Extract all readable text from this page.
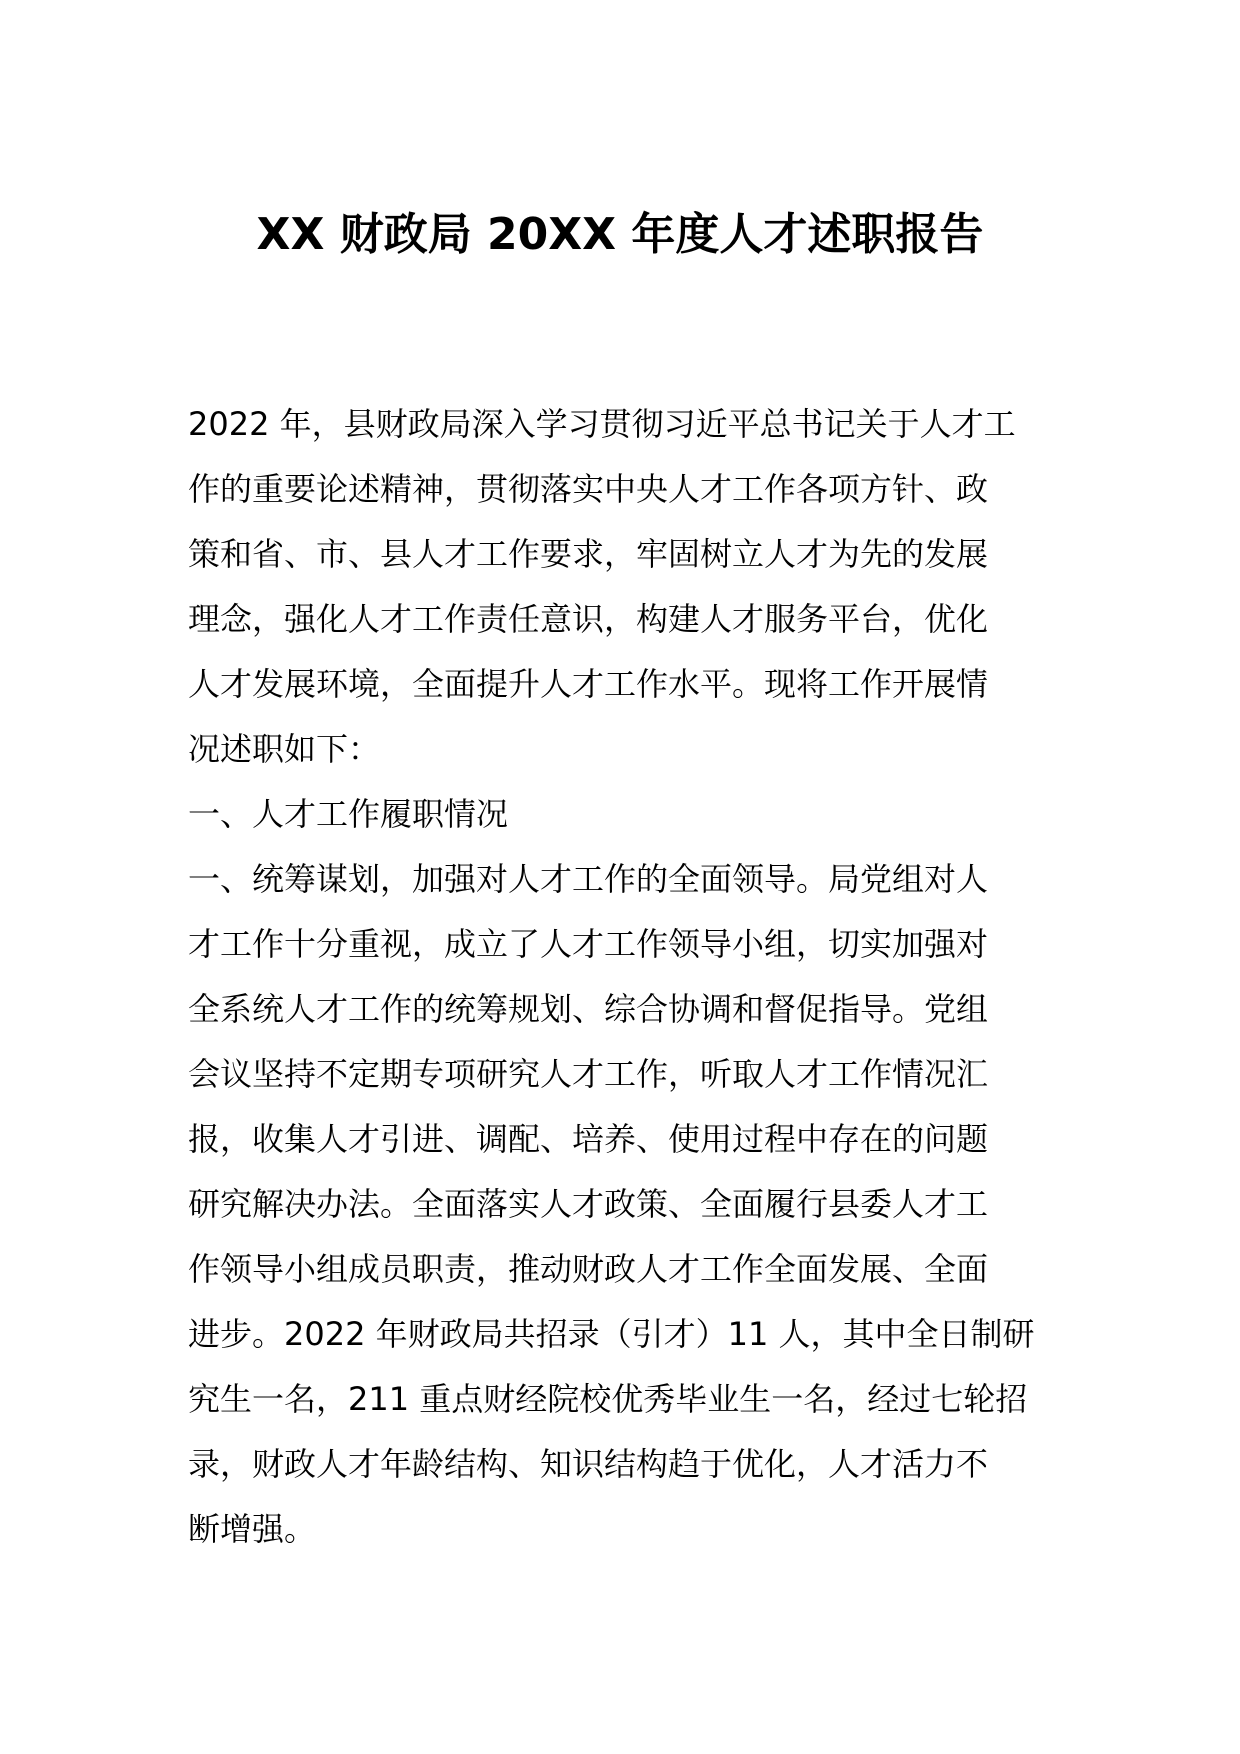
XX 财政局 20XX 年度人才述职报告
2022 年，县财政局深入学习贯彻习近平总书记关于人才工
作的重要论述精神，贯彻落实中央人才工作各项方针、政
策和省、市、县人才工作要求，牢固树立人才为先的发展
理念，强化人才工作责任意识，构建人才服务平台，优化
人才发展环境，全面提升人才工作水平。现将工作开展情
况述职如下：
一、人才工作履职情况
一、统筹谋划，加强对人才工作的全面领导。局党组对人
才工作十分重视，成立了人才工作领导小组，切实加强对
全系统人才工作的统筹规划、综合协调和督促指导。党组
会议坚持不定期专项研究人才工作，听取人才工作情况汇
报，收集人才引进、调配、培养、使用过程中存在的问题
研究解决办法。全面落实人才政策、全面履行县委人才工
作领导小组成员职责，推动财政人才工作全面发展、全面
进步。2022 年财政局共招录（引才）11 人，其中全日制研
究生一名，211 重点财经院校优秀毕业生一名，经过七轮招
录，财政人才年龄结构、知识结构趋于优化，人才活力不
断增强。
